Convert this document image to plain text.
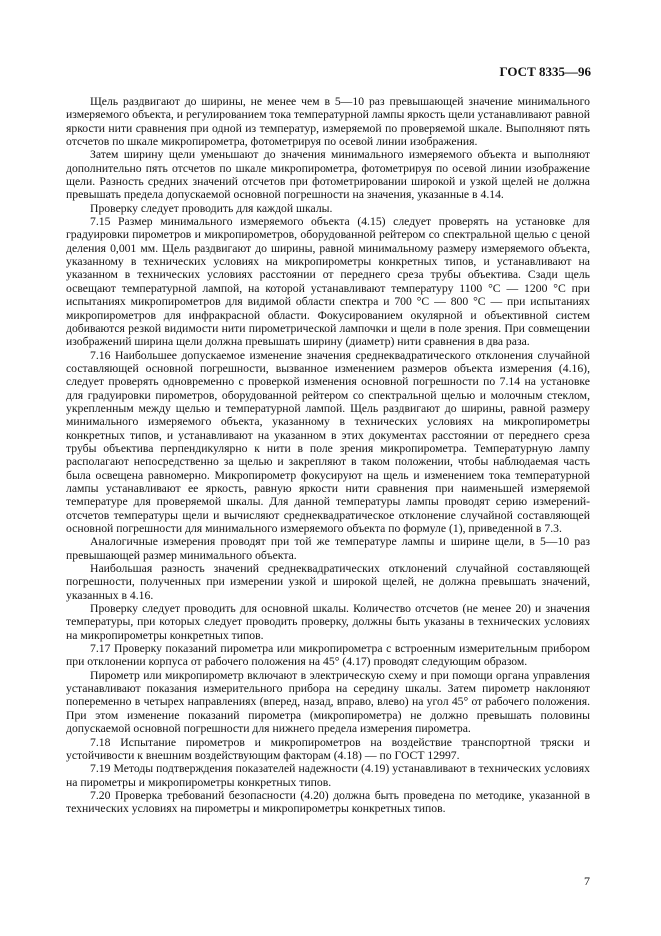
ГОСТ 8335—96

Щель раздвигают до ширины, не менее чем в 5—10 раз превышающей значение минимального измеряемого объекта, и регулированием тока температурной лампы яркость щели устанавливают равной яркости нити сравнения при одной из температур, измеряемой по проверяемой шкале. Выполняют пять отсчетов по шкале микропирометра, фотометрируя по осевой линии изображения.

Затем ширину щели уменьшают до значения минимального измеряемого объекта и выполняют дополнительно пять отсчетов по шкале микропирометра, фотометрируя по осевой линии изображение щели. Разность средних значений отсчетов при фотометрировании широкой и узкой щелей не должна превышать предела допускаемой основной погрешности на значения, указанные в 4.14.

Проверку следует проводить для каждой шкалы.

7.15 Размер минимального измеряемого объекта (4.15) следует проверять на установке для градуировки пирометров и микропирометров, оборудованной рейтером со спектральной щелью с ценой деления 0,001 мм. Щель раздвигают до ширины, равной минимальному размеру измеряемого объекта, указанному в технических условиях на микропирометры конкретных типов, и устанавливают на указанном в технических условиях расстоянии от переднего среза трубы объектива. Сзади щель освещают температурной лампой, на которой устанавливают температуру 1100 °С — 1200 °С при испытаниях микропирометров для видимой области спектра и 700 °С — 800 °С — при испытаниях микропирометров для инфракрасной области. Фокусированием окулярной и объективной систем добиваются резкой видимости нити пирометрической лампочки и щели в поле зрения. При совмещении изображений ширина щели должна превышать ширину (диаметр) нити сравнения в два раза.

7.16 Наибольшее допускаемое изменение значения среднеквадратического отклонения случайной составляющей основной погрешности, вызванное изменением размеров объекта измерения (4.16), следует проверять одновременно с проверкой изменения основной погрешности по 7.14 на установке для градуировки пирометров, оборудованной рейтером со спектральной щелью и молочным стеклом, укрепленным между щелью и температурной лампой. Щель раздвигают до ширины, равной размеру минимального измеряемого объекта, указанному в технических условиях на микропирометры конкретных типов, и устанавливают на указанном в этих документах расстоянии от переднего среза трубы объектива перпендикулярно к нити в поле зрения микропирометра. Температурную лампу располагают непосредственно за щелью и закрепляют в таком положении, чтобы наблюдаемая часть была освещена равномерно. Микропирометр фокусируют на щель и изменением тока температурной лампы устанавливают ее яркость, равную яркости нити сравнения при наименьшей измеряемой температуре для проверяемой шкалы. Для данной температуры лампы проводят серию измерений-отсчетов температуры щели и вычисляют среднеквадратическое отклонение случайной составляющей основной погрешности для минимального измеряемого объекта по формуле (1), приведенной в 7.3.

Аналогичные измерения проводят при той же температуре лампы и ширине щели, в 5—10 раз превышающей размер минимального объекта.

Наибольшая разность значений среднеквадратических отклонений случайной составляющей погрешности, полученных при измерении узкой и широкой щелей, не должна превышать значений, указанных в 4.16.

Проверку следует проводить для основной шкалы. Количество отсчетов (не менее 20) и значения температуры, при которых следует проводить проверку, должны быть указаны в технических условиях на микропирометры конкретных типов.

7.17 Проверку показаний пирометра или микропирометра с встроенным измерительным прибором при отклонении корпуса от рабочего положения на 45° (4.17) проводят следующим образом.

Пирометр или микропирометр включают в электрическую схему и при помощи органа управления устанавливают показания измерительного прибора на середину шкалы. Затем пирометр наклоняют попеременно в четырех направлениях (вперед, назад, вправо, влево) на угол 45° от рабочего положения. При этом изменение показаний пирометра (микропирометра) не должно превышать половины допускаемой основной погрешности для нижнего предела измерения пирометра.

7.18 Испытание пирометров и микропирометров на воздействие транспортной тряски и устойчивости к внешним воздействующим факторам (4.18) — по ГОСТ 12997.

7.19 Методы подтверждения показателей надежности (4.19) устанавливают в технических условиях на пирометры и микропирометры конкретных типов.

7.20 Проверка требований безопасности (4.20) должна быть проведена по методике, указанной в технических условиях на пирометры и микропирометры конкретных типов.

7
